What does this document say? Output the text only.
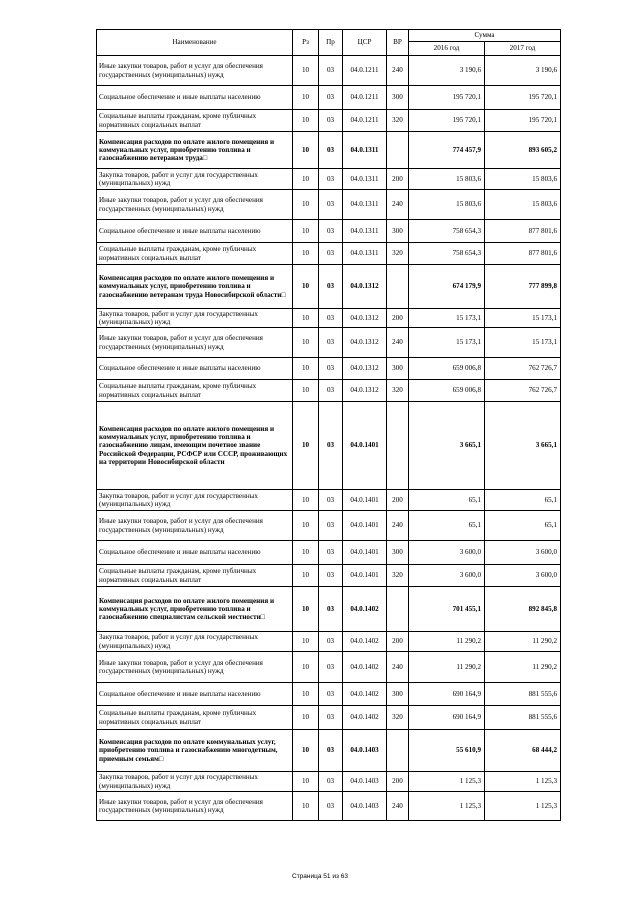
Наименование	Рз	Пр	ЦСР	ВР	Сумма	
					2016 год	2017 год
Иные закупки товаров, работ и услуг для обеспечения государственных (муниципальных) нужд	10	03	04.0.1211	240	3 190,6	3 190,6
Социальное обеспечение и иные выплаты населению	10	03	04.0.1211	300	195 720,1	195 720,1
Социальные выплаты гражданам, кроме публичных нормативных социальных выплат	10	03	04.0.1211	320	195 720,1	195 720,1
Компенсация расходов по оплате жилого помещения и коммунальных услуг, приобретению топлива и газоснабжению ветеранам труда□	10	03	04.0.1311		774 457,9	893 605,2
Закупка товаров, работ и услуг для государственных (муниципальных) нужд	10	03	04.0.1311	200	15 803,6	15 803,6
Иные закупки товаров, работ и услуг для обеспечения государственных (муниципальных) нужд	10	03	04.0.1311	240	15 803,6	15 803,6
Социальное обеспечение и иные выплаты населению	10	03	04.0.1311	300	758 654,3	877 801,6
Социальные выплаты гражданам, кроме публичных нормативных социальных выплат	10	03	04.0.1311	320	758 654,3	877 801,6
Компенсация расходов по оплате жилого помещения и коммунальных услуг, приобретению топлива и газоснабжению ветеранам труда Новосибирской области□	10	03	04.0.1312		674 179,9	777 899,8
Закупка товаров, работ и услуг для государственных (муниципальных) нужд	10	03	04.0.1312	200	15 173,1	15 173,1
Иные закупки товаров, работ и услуг для обеспечения государственных (муниципальных) нужд	10	03	04.0.1312	240	15 173,1	15 173,1
Социальное обеспечение и иные выплаты населению	10	03	04.0.1312	300	659 006,8	762 726,7
Социальные выплаты гражданам, кроме публичных нормативных социальных выплат	10	03	04.0.1312	320	659 006,8	762 726,7
Компенсация расходов по оплате жилого помещения и коммунальных услуг, приобретению топлива и газоснабжению лицам, имеющим почетное звание Российской Федерации, РСФСР или СССР, проживающих на территории Новосибирской области	10	03	04.0.1401		3 665,1	3 665,1
Закупка товаров, работ и услуг для государственных (муниципальных) нужд	10	03	04.0.1401	200	65,1	65,1
Иные закупки товаров, работ и услуг для обеспечения государственных (муниципальных) нужд	10	03	04.0.1401	240	65,1	65,1
Социальное обеспечение и иные выплаты населению	10	03	04.0.1401	300	3 600,0	3 600,0
Социальные выплаты гражданам, кроме публичных нормативных социальных выплат	10	03	04.0.1401	320	3 600,0	3 600,0
Компенсация расходов по оплате жилого помещения и коммунальных услуг, приобретению топлива и газоснабжению специалистам сельской местности□	10	03	04.0.1402		701 455,1	892 845,8
Закупка товаров, работ и услуг для государственных (муниципальных) нужд	10	03	04.0.1402	200	11 290,2	11 290,2
Иные закупки товаров, работ и услуг для обеспечения государственных (муниципальных) нужд	10	03	04.0.1402	240	11 290,2	11 290,2
Социальное обеспечение и иные выплаты населению	10	03	04.0.1402	300	690 164,9	881 555,6
Социальные выплаты гражданам, кроме публичных нормативных социальных выплат	10	03	04.0.1402	320	690 164,9	881 555,6
Компенсация расходов по оплате коммунальных услуг, приобретению топлива и газоснабжению многодетным, приемным семьям□	10	03	04.0.1403		55 610,9	68 444,2
Закупка товаров, работ и услуг для государственных (муниципальных) нужд	10	03	04.0.1403	200	1 125,3	1 125,3
Иные закупки товаров, работ и услуг для обеспечения государственных (муниципальных) нужд	10	03	04.0.1403	240	1 125,3	1 125,3
Страница 51 из 63
